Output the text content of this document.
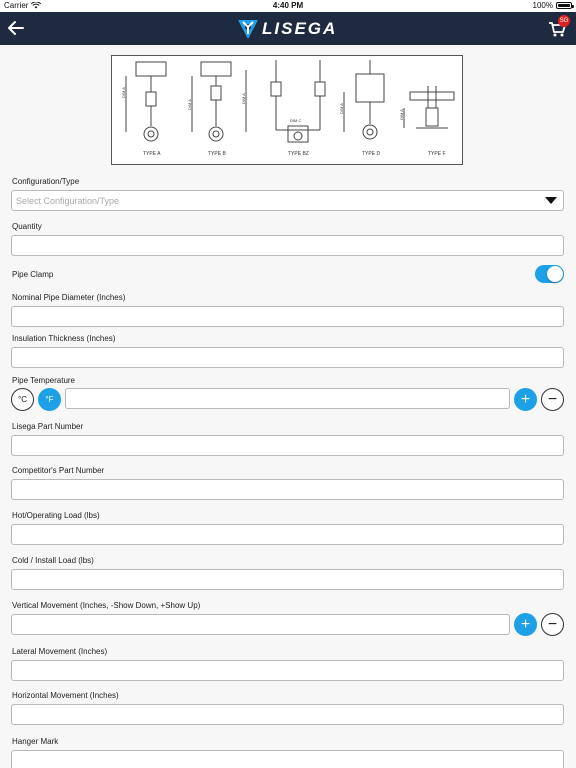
Carrier	4:40 PM	100%
LISEGA	SG
TYPE A	TYPE B	TYPE BZ	TYPE D	TYPE F
DIM A
DIM A
DIM A
DIM C
DIM A
DIM A
Configuration/Type
Select Configuration/Type
Quantity
Pipe Clamp
Nominal Pipe Diameter (Inches)
Insulation Thickness (Inches)
Pipe Temperature
°C	°F	+ −
Lisega Part Number
Competitor's Part Number
Hot/Operating Load (lbs)
Cold / Install Load (lbs)
Vertical Movement (Inches, -Show Down, +Show Up)
+ −
Lateral Movement (Inches)
Horizontal Movement (Inches)
Hanger Mark
